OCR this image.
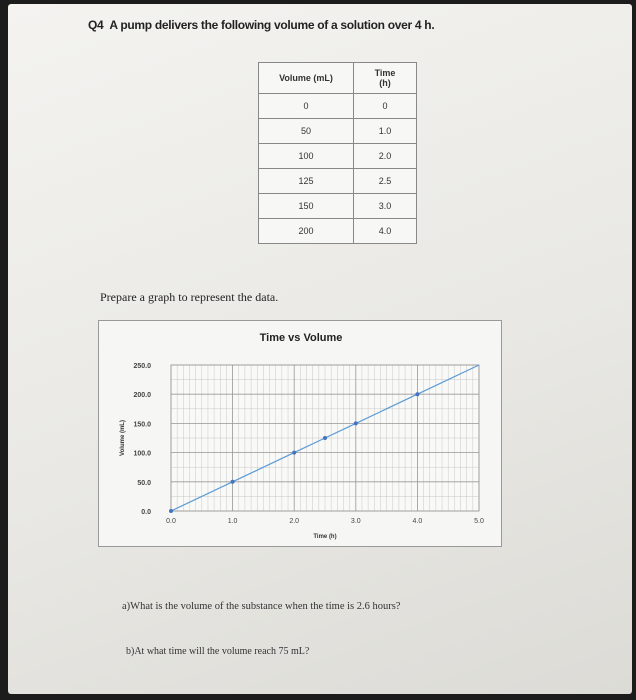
Q4 A pump delivers the following volume of a solution over 4 h.
Volume (mL)	Time
(h)

0	0
50	1.0
100	2.0
125	2.5
150	3.0
200	4.0
Prepare a graph to represent the data.
0.0	1.0	2.0	3.0	4.0	5.0
0.0
50.0
100.0
150.0
200.0
250.0
Time vs Volume
Time (h)
Volume (mL)
a)What is the volume of the substance when the time is 2.6 hours?
b)At what time will the volume reach 75 mL?
